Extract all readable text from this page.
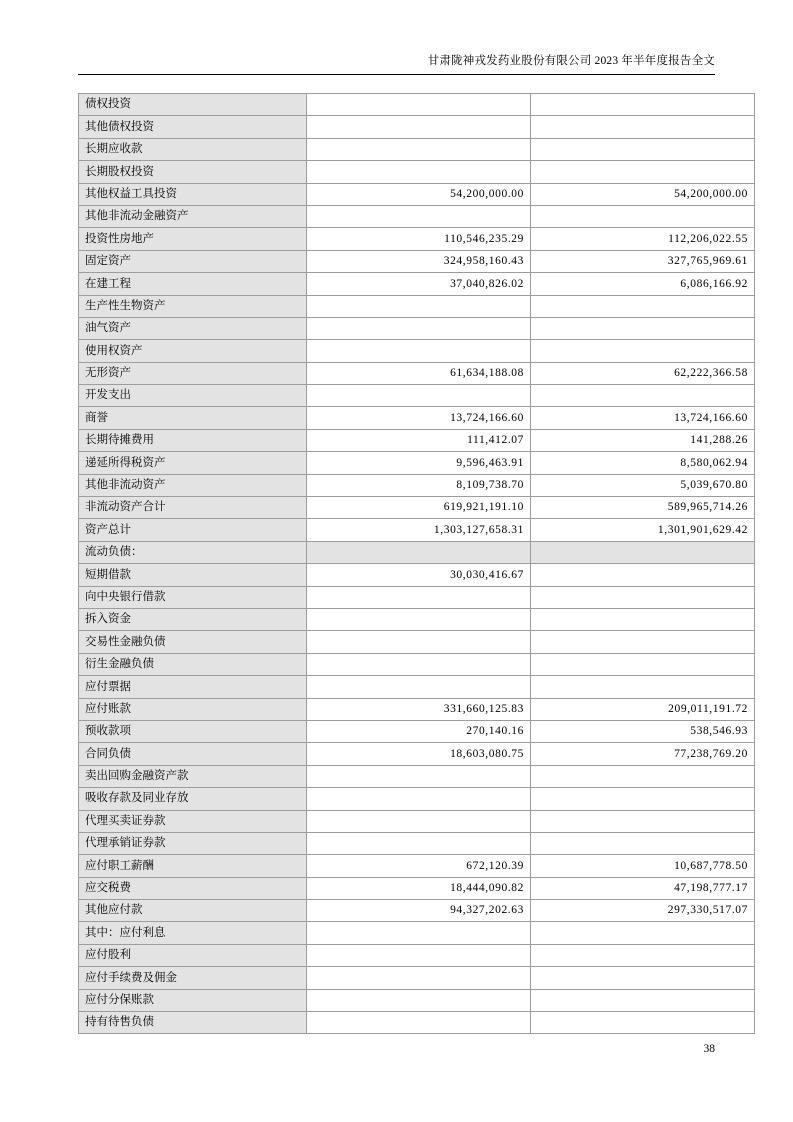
甘肃陇神戎发药业股份有限公司 2023 年半年度报告全文
债权投资		
其他债权投资		
长期应收款		
长期股权投资		
其他权益工具投资	54,200,000.00	54,200,000.00
其他非流动金融资产		
投资性房地产	110,546,235.29	112,206,022.55
固定资产	324,958,160.43	327,765,969.61
在建工程	37,040,826.02	6,086,166.92
生产性生物资产		
油气资产		
使用权资产		
无形资产	61,634,188.08	62,222,366.58
开发支出		
商誉	13,724,166.60	13,724,166.60
长期待摊费用	111,412.07	141,288.26
递延所得税资产	9,596,463.91	8,580,062.94
其他非流动资产	8,109,738.70	5,039,670.80
非流动资产合计	619,921,191.10	589,965,714.26
资产总计	1,303,127,658.31	1,301,901,629.42
流动负债：		
短期借款	30,030,416.67	
向中央银行借款		
拆入资金		
交易性金融负债		
衍生金融负债		
应付票据		
应付账款	331,660,125.83	209,011,191.72
预收款项	270,140.16	538,546.93
合同负债	18,603,080.75	77,238,769.20
卖出回购金融资产款		
吸收存款及同业存放		
代理买卖证券款		
代理承销证券款		
应付职工薪酬	672,120.39	10,687,778.50
应交税费	18,444,090.82	47,198,777.17
其他应付款	94,327,202.63	297,330,517.07
其中：应付利息		
应付股利		
应付手续费及佣金		
应付分保账款		
持有待售负债		
38
